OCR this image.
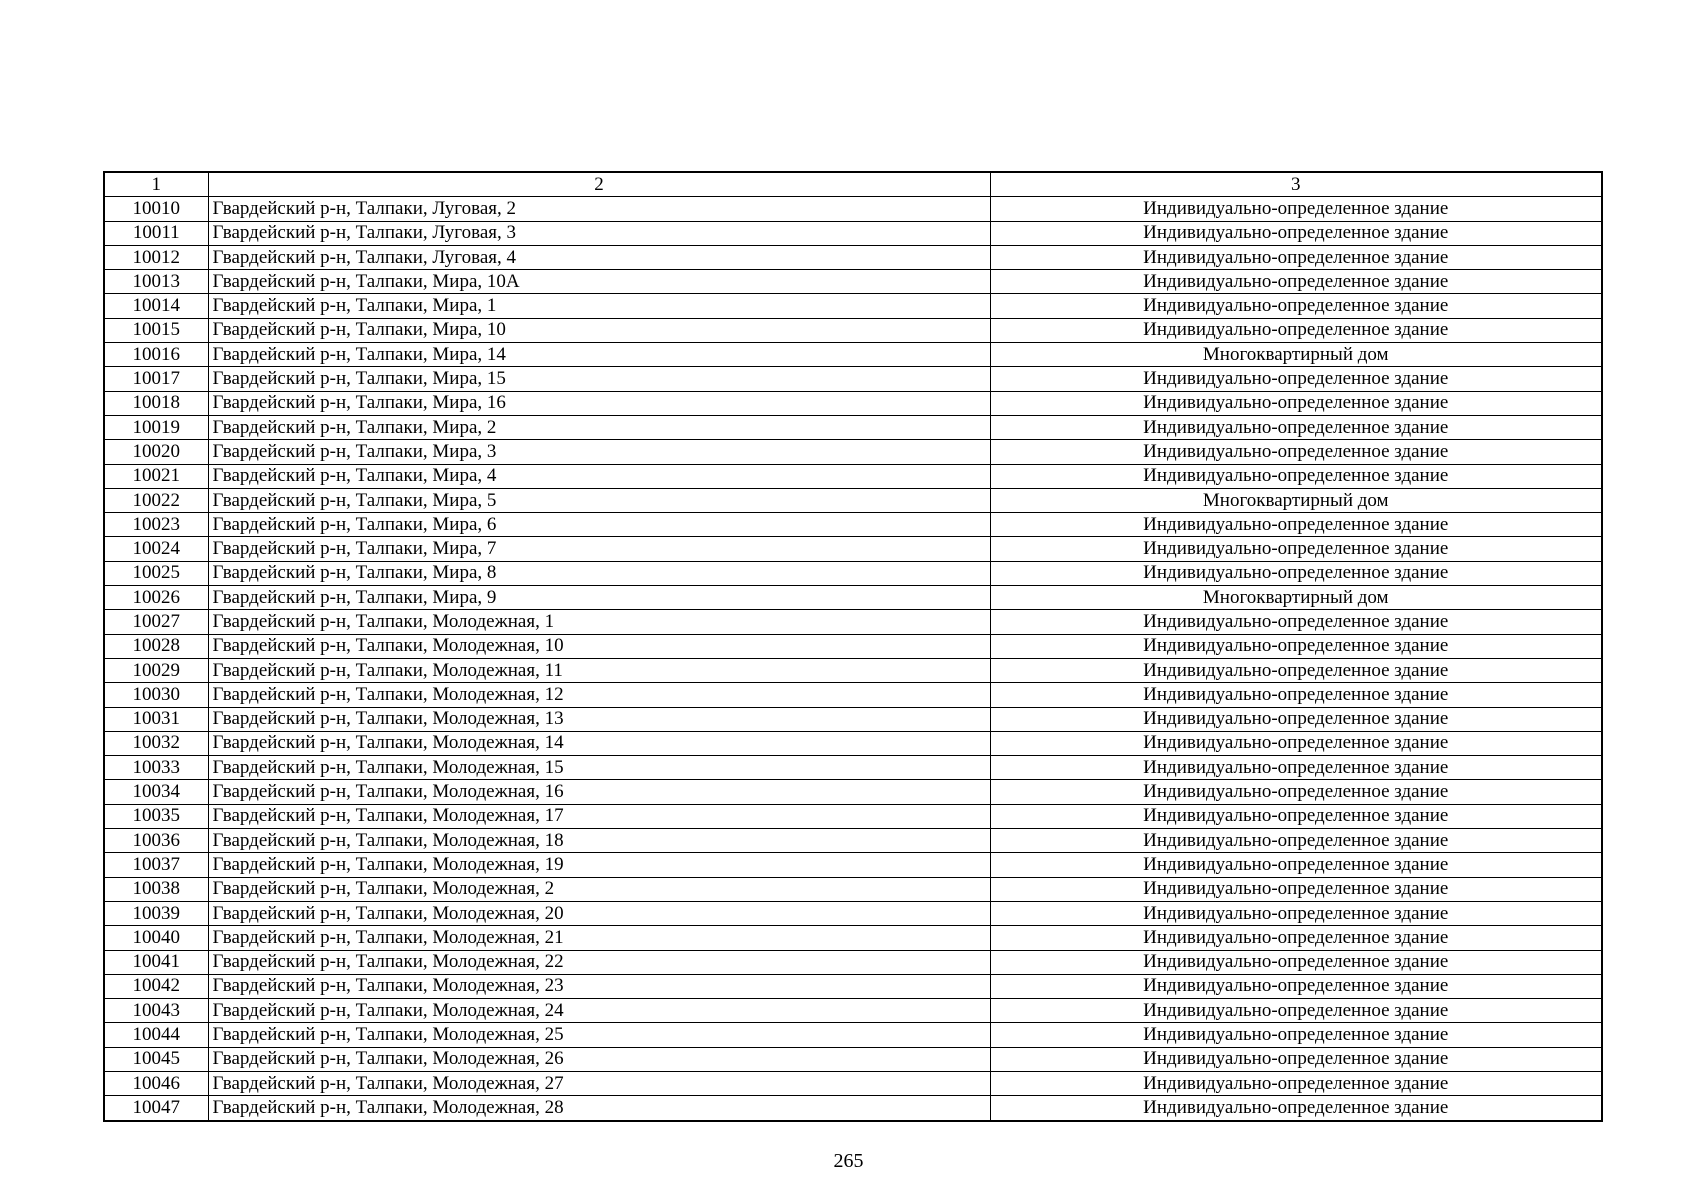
1	2	3
10010	Гвардейский р-н, Талпаки, Луговая, 2	Индивидуально-определенное здание
10011	Гвардейский р-н, Талпаки, Луговая, 3	Индивидуально-определенное здание
10012	Гвардейский р-н, Талпаки, Луговая, 4	Индивидуально-определенное здание
10013	Гвардейский р-н, Талпаки, Мира, 10А	Индивидуально-определенное здание
10014	Гвардейский р-н, Талпаки, Мира, 1	Индивидуально-определенное здание
10015	Гвардейский р-н, Талпаки, Мира, 10	Индивидуально-определенное здание
10016	Гвардейский р-н, Талпаки, Мира, 14	Многоквартирный дом
10017	Гвардейский р-н, Талпаки, Мира, 15	Индивидуально-определенное здание
10018	Гвардейский р-н, Талпаки, Мира, 16	Индивидуально-определенное здание
10019	Гвардейский р-н, Талпаки, Мира, 2	Индивидуально-определенное здание
10020	Гвардейский р-н, Талпаки, Мира, 3	Индивидуально-определенное здание
10021	Гвардейский р-н, Талпаки, Мира, 4	Индивидуально-определенное здание
10022	Гвардейский р-н, Талпаки, Мира, 5	Многоквартирный дом
10023	Гвардейский р-н, Талпаки, Мира, 6	Индивидуально-определенное здание
10024	Гвардейский р-н, Талпаки, Мира, 7	Индивидуально-определенное здание
10025	Гвардейский р-н, Талпаки, Мира, 8	Индивидуально-определенное здание
10026	Гвардейский р-н, Талпаки, Мира, 9	Многоквартирный дом
10027	Гвардейский р-н, Талпаки, Молодежная, 1	Индивидуально-определенное здание
10028	Гвардейский р-н, Талпаки, Молодежная, 10	Индивидуально-определенное здание
10029	Гвардейский р-н, Талпаки, Молодежная, 11	Индивидуально-определенное здание
10030	Гвардейский р-н, Талпаки, Молодежная, 12	Индивидуально-определенное здание
10031	Гвардейский р-н, Талпаки, Молодежная, 13	Индивидуально-определенное здание
10032	Гвардейский р-н, Талпаки, Молодежная, 14	Индивидуально-определенное здание
10033	Гвардейский р-н, Талпаки, Молодежная, 15	Индивидуально-определенное здание
10034	Гвардейский р-н, Талпаки, Молодежная, 16	Индивидуально-определенное здание
10035	Гвардейский р-н, Талпаки, Молодежная, 17	Индивидуально-определенное здание
10036	Гвардейский р-н, Талпаки, Молодежная, 18	Индивидуально-определенное здание
10037	Гвардейский р-н, Талпаки, Молодежная, 19	Индивидуально-определенное здание
10038	Гвардейский р-н, Талпаки, Молодежная, 2	Индивидуально-определенное здание
10039	Гвардейский р-н, Талпаки, Молодежная, 20	Индивидуально-определенное здание
10040	Гвардейский р-н, Талпаки, Молодежная, 21	Индивидуально-определенное здание
10041	Гвардейский р-н, Талпаки, Молодежная, 22	Индивидуально-определенное здание
10042	Гвардейский р-н, Талпаки, Молодежная, 23	Индивидуально-определенное здание
10043	Гвардейский р-н, Талпаки, Молодежная, 24	Индивидуально-определенное здание
10044	Гвардейский р-н, Талпаки, Молодежная, 25	Индивидуально-определенное здание
10045	Гвардейский р-н, Талпаки, Молодежная, 26	Индивидуально-определенное здание
10046	Гвардейский р-н, Талпаки, Молодежная, 27	Индивидуально-определенное здание
10047	Гвардейский р-н, Талпаки, Молодежная, 28	Индивидуально-определенное здание
265
